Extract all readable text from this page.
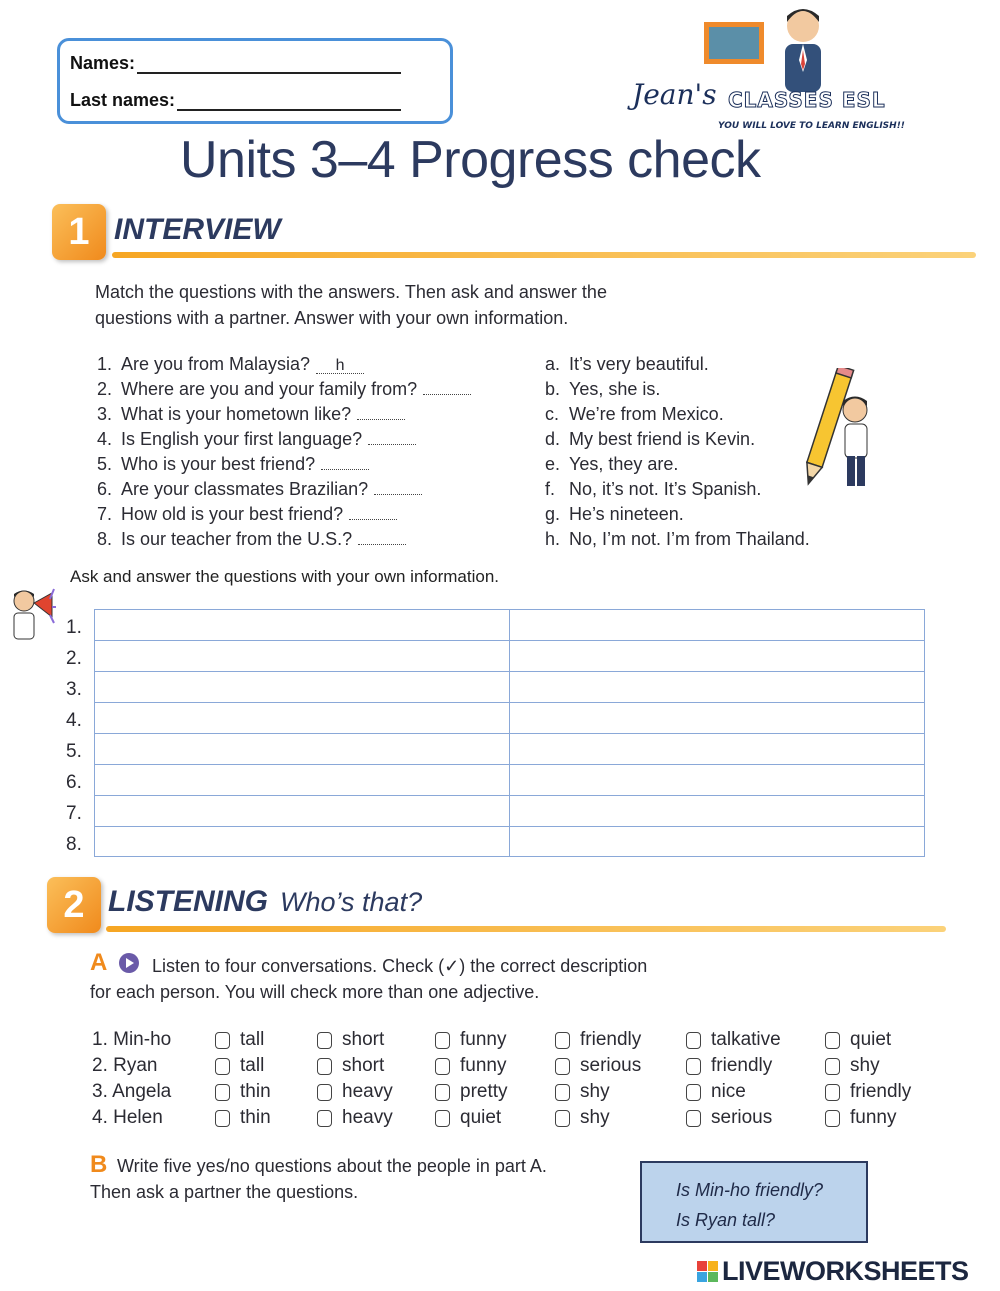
Names:
Last names:	Jean's CLASSES ESL
YOU WILL LOVE TO LEARN ENGLISH!!
Units 3–4 Progress check
1 INTERVIEW
Match the questions with the answers. Then ask and answer the
questions with a partner. Answer with your own information.
1. Are you from Malaysia? h
2. Where are you and your family from?
3. What is your hometown like?
4. Is English your first language?
5. Who is your best friend?
6. Are your classmates Brazilian?
7. How old is your best friend?
8. Is our teacher from the U.S.?
a. It’s very beautiful.
b. Yes, she is.
c. We’re from Mexico.
d. My best friend is Kevin.
e. Yes, they are.
f. No, it’s not. It’s Spanish.
g. He’s nineteen.
h. No, I’m not. I’m from Thailand.
Ask and answer the questions with your own information.
1.
2.
3.
4.
5.
6.
7.
8.
2 LISTENING Who’s that?
A Listen to four conversations. Check (✓) the correct description
for each person. You will check more than one adjective.
1. Min-ho	tall	short	funny	friendly	talkative	quiet
2. Ryan	tall	short	funny	serious	friendly	shy
3. Angela	thin	heavy	pretty	shy	nice	friendly
4. Helen	thin	heavy	quiet	shy	serious	funny
B Write five yes/no questions about the people in part A.
Then ask a partner the questions.	Is Min-ho friendly?
Is Ryan tall?
LIVEWORKSHEETS
